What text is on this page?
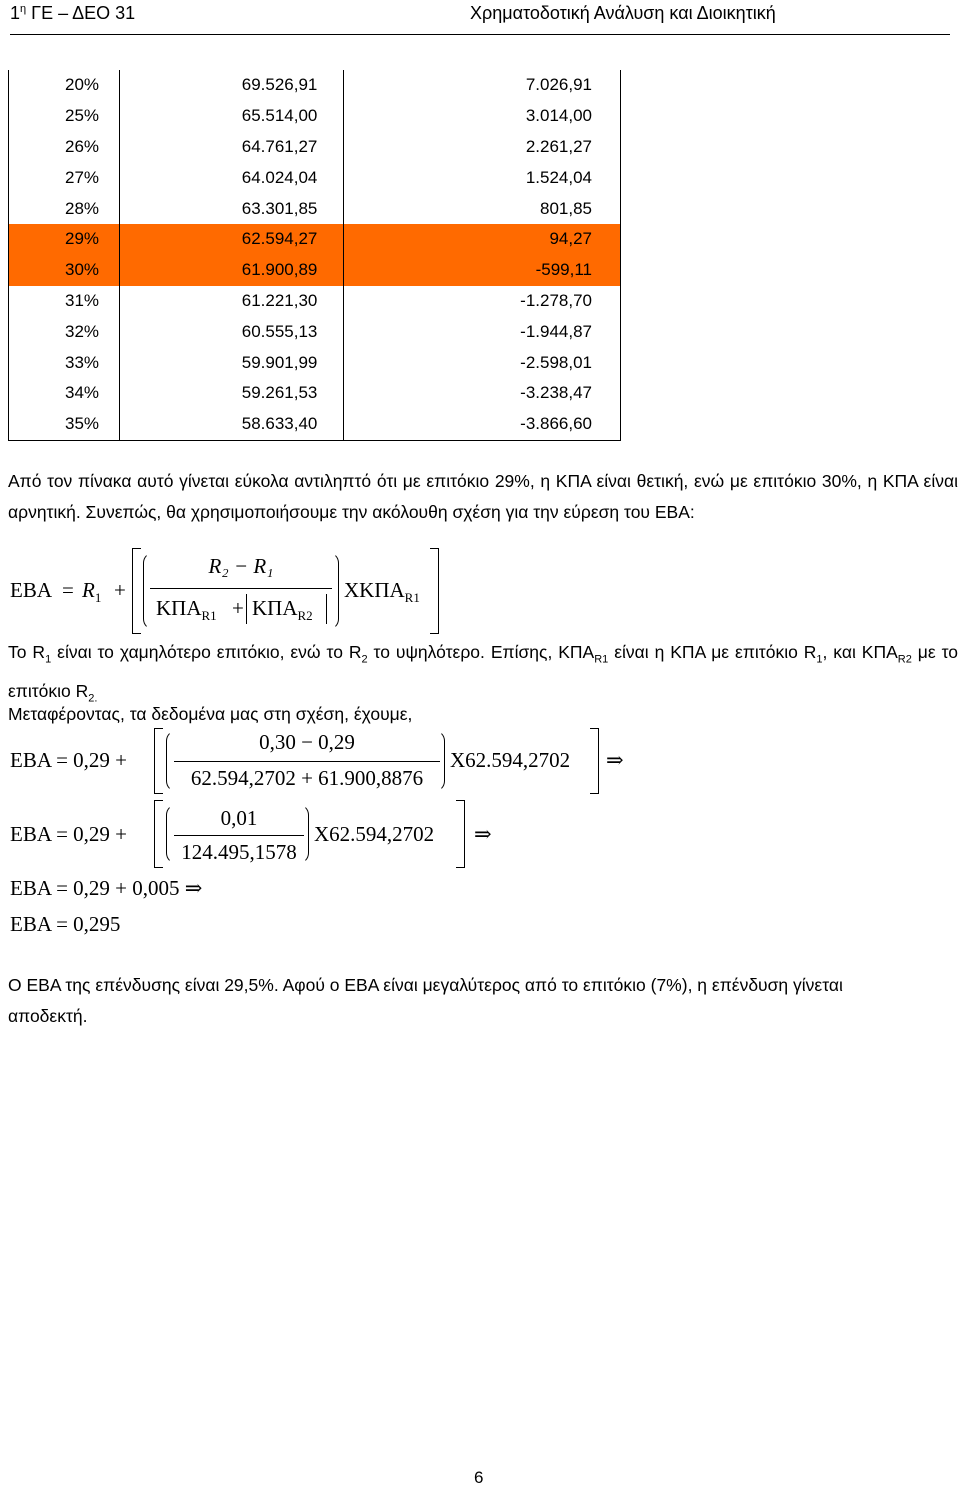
$1^\eta$ ΓΕ – ΔΕΟ 31	Χρηματοδοτική Ανάλυση και Διοικητική
20%	69.526,91	7.026,91
25%	65.514,00	3.014,00
26%	64.761,27	2.261,27
27%	64.024,04	1.524,04
28%	63.301,85	801,85
29%	62.594,27	94,27
30%	61.900,89	-599,11
31%	61.221,30	-1.278,70
32%	60.555,13	-1.944,87
33%	59.901,99	-2.598,01
34%	59.261,53	-3.238,47
35%	58.633,40	-3.866,60
Από τον πίνακα αυτό γίνεται εύκολα αντιληπτό ότι με επιτόκιο 29%, η ΚΠΑ είναι θετική, ενώ με επιτόκιο 30%, η ΚΠΑ είναι αρνητική. Συνεπώς, θα χρησιμοποιήσουμε την ακόλουθη σχέση για την εύρεση του ΕΒΑ:
$EBA = R_1$ +
R₂ − R₁
$K\Pi A_{R1} + K\Pi A_{R2}$
$XK\Pi A_{R1}$
Το $R_1$ είναι το χαμηλότερο επιτόκιο, ενώ το $R_2$ το υψηλότερο. Επίσης, $K\Pi A_{R1}$ είναι η ΚΠΑ με επιτόκιο $R_1$, και $K\Pi A_{R2}$ με το επιτόκιο $R_{2.}$
Μεταφέροντας, τα δεδομένα μας στη σχέση, έχουμε,
ΕΒΑ = 0,29 +
0,30 − 0,29
62.594,2702 + 61.900,8876
Χ62.594,2702 ⇒
ΕΒΑ = 0,29 +
0,01
124.495,1578
Χ62.594,2702 ⇒
ΕΒΑ = 0,29 + 0,005 ⇒
ΕΒΑ = 0,295
Ο ΕΒΑ της επένδυσης είναι 29,5%. Αφού ο ΕΒΑ είναι μεγαλύτερος από το επιτόκιο (7%), η επένδυση γίνεται αποδεκτή.
6
